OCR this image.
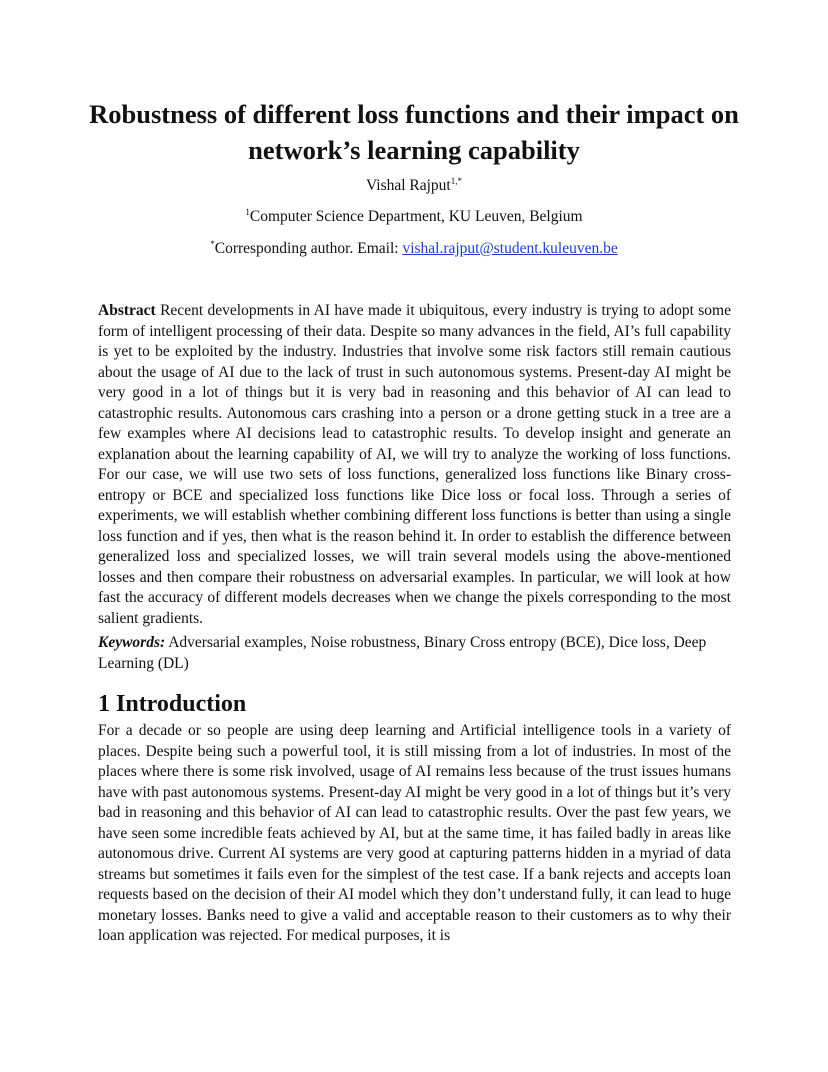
Robustness of different loss functions and their impact on network’s learning capability
Vishal Rajput$^{1,*}$
$^1$Computer Science Department, KU Leuven, Belgium
*Corresponding author. Email: vishal.rajput@student.kuleuven.be

Abstract Recent developments in AI have made it ubiquitous, every industry is trying to adopt some form of intelligent processing of their data. Despite so many advances in the field, AI’s full capability is yet to be exploited by the industry. Industries that involve some risk factors still remain cautious about the usage of AI due to the lack of trust in such autonomous systems. Present-day AI might be very good in a lot of things but it is very bad in reasoning and this behavior of AI can lead to catastrophic results. Autonomous cars crashing into a person or a drone getting stuck in a tree are a few examples where AI decisions lead to catastrophic results. To develop insight and generate an explanation about the learning capability of AI, we will try to analyze the working of loss functions. For our case, we will use two sets of loss functions, generalized loss functions like Binary cross-entropy or BCE and specialized loss functions like Dice loss or focal loss. Through a series of experiments, we will establish whether combining different loss functions is better than using a single loss function and if yes, then what is the reason behind it. In order to establish the difference between generalized loss and specialized losses, we will train several models using the above-mentioned losses and then compare their robustness on adversarial examples. In particular, we will look at how fast the accuracy of different models decreases when we change the pixels corresponding to the most salient gradients.

Keywords: Adversarial examples, Noise robustness, Binary Cross entropy (BCE), Dice loss, Deep Learning (DL)

1 Introduction

For a decade or so people are using deep learning and Artificial intelligence tools in a variety of places. Despite being such a powerful tool, it is still missing from a lot of industries. In most of the places where there is some risk involved, usage of AI remains less because of the trust issues humans have with past autonomous systems. Present-day AI might be very good in a lot of things but it’s very bad in reasoning and this behavior of AI can lead to catastrophic results. Over the past few years, we have seen some incredible feats achieved by AI, but at the same time, it has failed badly in areas like autonomous drive. Current AI systems are very good at capturing patterns hidden in a myriad of data streams but sometimes it fails even for the simplest of the test case. If a bank rejects and accepts loan requests based on the decision of their AI model which they don’t understand fully, it can lead to huge monetary losses. Banks need to give a valid and acceptable reason to their customers as to why their loan application was rejected. For medical purposes, it is
